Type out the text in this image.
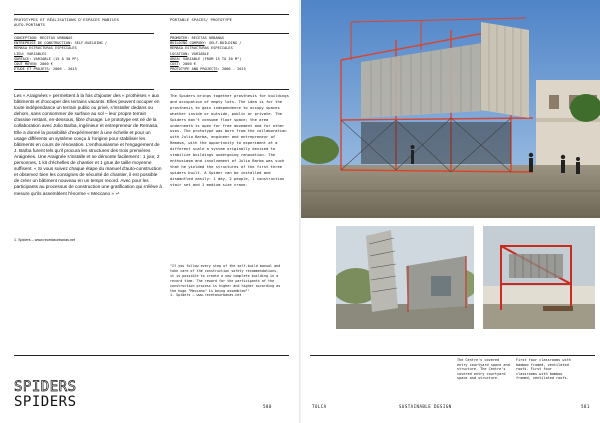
PROTOTYPES ET RÉALISATIONS D'ESPACES MOBILES
AUTO-PORTANTS
PORTABLE SPACES/ PROTOTYPE
CONCEPTION: RECETAS URBANAS
ENTREPRISE DE CONSTRUCTION: SELF-BUILDING /
REMASA ESTRUCTURAS ESPECIALES
LIEU: VARIABLES
SURFACE: VARIABLE (15 À 30 M²)
COÛT MOYEN: 2000 €
ÉTUDE ET PROJETS: 2006 - 2015
PROMOTER: RECETAS URBANAS
BUILDING COMPANY: SELF-BUILDING /
REMASA ESTRUCTURAS ESPECIALES
LOCATION: VARIABLE
AREA: VARIABLE (FROM 15 TO 30 M²)
COST: 2000 €
PROTOTYPE AND PROJECTS: 2006 - 2015
Les « Araignées » permettent à la fois d'ajouter des « prothèses » aux bâtiments et d'occuper des terrains vacants. Elles peuvent occuper en toute indépendance un terrain public ou privé, s'installer dedans ou dehors, sans consommer de surface au sol – leur propre terrain d'assise restant, en-dessous, libre d'usage. Le prototype est né de la collaboration avec Julio Barba, ingénieur et entrepreneur de Remasa. Elle a donné la possibilité d'expérimenter à une échelle et pour un usage différents un système conçu à l'origine pour stabiliser les bâtiments en cours de rénovation. L'enthousiasme et l'engagement de J. Barba furent tels qu'il procura les structures des trois premières Araignées. Une Araignée s'installe et se démonte facilement : 1 jour, 2 personnes, 1 kit d'échelles de chantier et 1 grue de taille moyenne suffisent. « Si vous suivez chaque étape du manuel d'auto-construction et observez bien les consignes de sécurité de chantier, il est possible de créer un bâtiment nouveau en un temps record. Avec pour les participants au processus de construction une gratification qui s'élève à mesure qu'ils assemblent l'énorme « Meccano » »¹
1. Spiders – www.recetasurbanas.net
The Spiders brings together prosthesis for buildings and occupation of empty lots. The idea is for the prosthesis to gain independence to occupy spaces whether inside or outside, public or private. The Spiders don't consume floor space; the area underneath is open for free movement and for other uses. The prototype was born from the collaboration with Julio Barba, engineer and entrepreneur of Remasa, with the opportunity to experiment at a different scale a system originally devised to stabilize buildings undergoing renovation. The enthusiasm and involvement of Julio Barba was such that he yielded the structures of the first three spiders built. A Spider can be installed and dismantled easily: 1 day, 2 people, 1 construction stair set and 1 medium size crane.
"If you follow every step of the self-build manual and take care of the construction safety recommendations, it is possible to create a new complete building in a record time. The reward for the participants of the construction process is higher and higher according as the huge "Meccano" is being assembled"¹
1. Spiders – www.recetasurbanas.net
SPIDERS
SPIDERS	580
The Centre's covered entry courtyard space and structure. The Centre's covered entry courtyard space and structure.
First four classrooms with bamboo framed, ventilated roofs. First four classrooms with bamboo framed, ventilated roofs.
TOLCA	SUSTAINABLE DESIGN	581
